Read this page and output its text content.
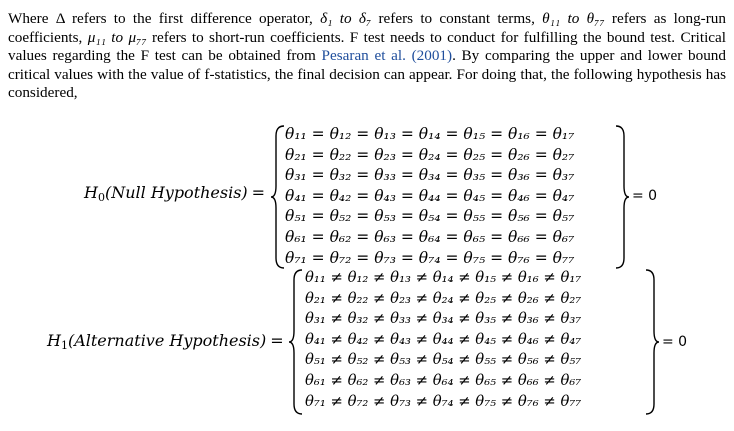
Where Δ refers to the first difference operator, δ₁ to δ₇ refers to constant terms, θ₁₁ to θ₇₇ refers as long-run coefficients, μ₁₁ to μ₇₇ refers to short-run coefficients. F test needs to conduct for fulfilling the bound test. Critical values regarding the F test can be obtained from Pesaran et al. (2001). By comparing the upper and lower bound critical values with the value of f-statistics, the final decision can appear. For doing that, the following hypothesis has considered,

$H_0(Null$ Hypothesis) =
θ₁₁ = θ₁₂ = θ₁₃ = θ₁₄ = θ₁₅ = θ₁₆ = θ₁₇
θ₂₁ = θ₂₂ = θ₂₃ = θ₂₄ = θ₂₅ = θ₂₆ = θ₂₇
θ₃₁ = θ₃₂ = θ₃₃ = θ₃₄ = θ₃₅ = θ₃₆ = θ₃₇
θ₄₁ = θ₄₂ = θ₄₃ = θ₄₄ = θ₄₅ = θ₄₆ = θ₄₇
θ₅₁ = θ₅₂ = θ₅₃ = θ₅₄ = θ₅₅ = θ₅₆ = θ₅₇
θ₆₁ = θ₆₂ = θ₆₃ = θ₆₄ = θ₆₅ = θ₆₆ = θ₆₇
θ₇₁ = θ₇₂ = θ₇₃ = θ₇₄ = θ₇₅ = θ₇₆ = θ₇₇
= 0
$H_1(Alternative$ Hypothesis) =
θ₁₁ ≠ θ₁₂ ≠ θ₁₃ ≠ θ₁₄ ≠ θ₁₅ ≠ θ₁₆ ≠ θ₁₇
θ₂₁ ≠ θ₂₂ ≠ θ₂₃ ≠ θ₂₄ ≠ θ₂₅ ≠ θ₂₆ ≠ θ₂₇
θ₃₁ ≠ θ₃₂ ≠ θ₃₃ ≠ θ₃₄ ≠ θ₃₅ ≠ θ₃₆ ≠ θ₃₇
θ₄₁ ≠ θ₄₂ ≠ θ₄₃ ≠ θ₄₄ ≠ θ₄₅ ≠ θ₄₆ ≠ θ₄₇
θ₅₁ ≠ θ₅₂ ≠ θ₅₃ ≠ θ₅₄ ≠ θ₅₅ ≠ θ₅₆ ≠ θ₅₇
θ₆₁ ≠ θ₆₂ ≠ θ₆₃ ≠ θ₆₄ ≠ θ₆₅ ≠ θ₆₆ ≠ θ₆₇
θ₇₁ ≠ θ₇₂ ≠ θ₇₃ ≠ θ₇₄ ≠ θ₇₅ ≠ θ₇₆ ≠ θ₇₇
= 0
